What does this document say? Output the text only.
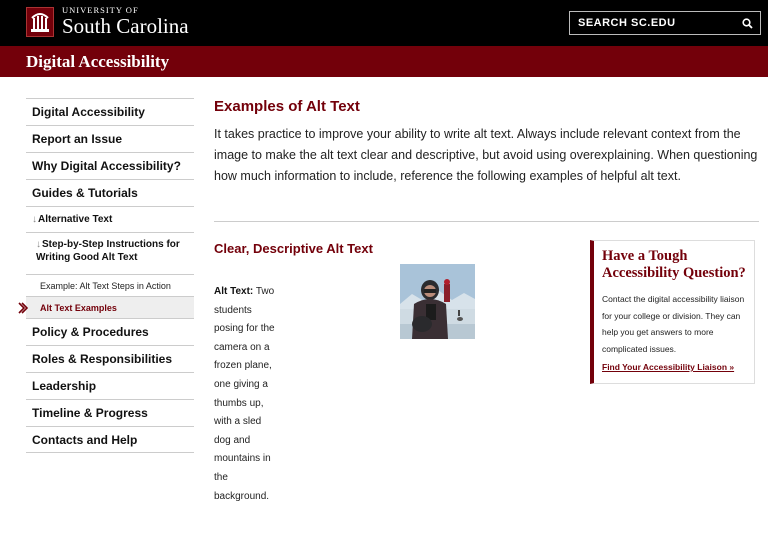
UNIVERSITY OF
South Carolina
SEARCH SC.EDU
Digital Accessibility
Digital Accessibility
Report an Issue
Why Digital Accessibility?
Guides & Tutorials
↓Alternative Text
↓Step-by-Step Instructions for Writing Good Alt Text
Example: Alt Text Steps in Action
Alt Text Examples
Policy & Procedures
Roles & Responsibilities
Leadership
Timeline & Progress
Contacts and Help
Examples of Alt Text

It takes practice to improve your ability to write alt text. Always include relevant context from the image to make the alt text clear and descriptive, but avoid using overexplaining. When questioning how much information to include, reference the following examples of helpful alt text.

Clear, Descriptive Alt Text
Alt Text: Two students posing for the camera on a frozen plane, one giving a thumbs up, with a sled dog and mountains in the background.
Have a Tough Accessibility Question?
Contact the digital accessibility liaison for your college or division. They can help you get answers to more complicated issues.
Find Your Accessibility Liaison »
